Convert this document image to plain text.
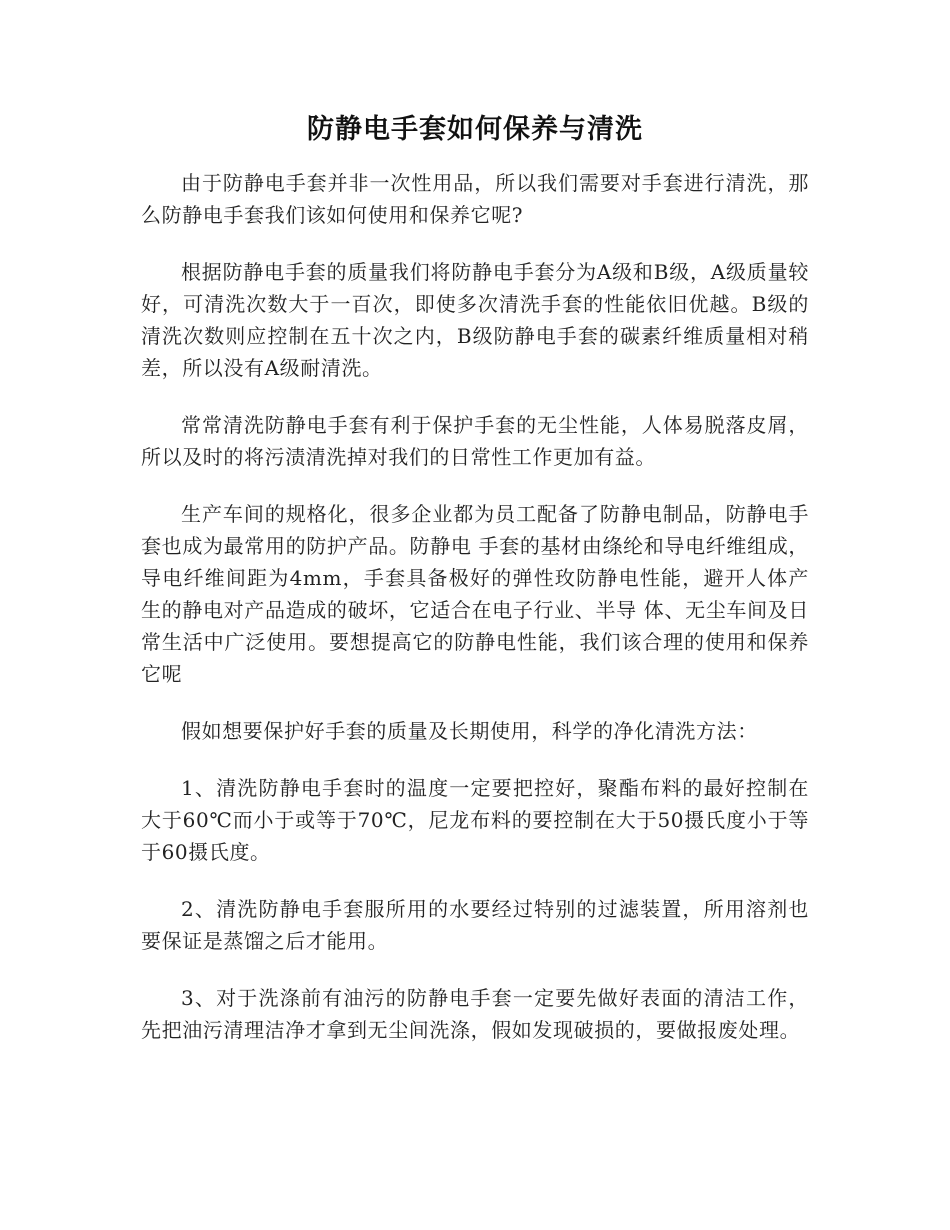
防静电手套如何保养与清洗

由于防静电手套并非一次性用品，所以我们需要对手套进行清洗，那么防静电手套我们该如何使用和保养它呢?

根据防静电手套的质量我们将防静电手套分为A级和B级，A级质量较好，可清洗次数大于一百次，即使多次清洗手套的性能依旧优越。B级的清洗次数则应控制在五十次之内，B级防静电手套的碳素纤维质量相对稍差，所以没有A级耐清洗。

常常清洗防静电手套有利于保护手套的无尘性能，人体易脱落皮屑，所以及时的将污渍清洗掉对我们的日常性工作更加有益。

生产车间的规格化，很多企业都为员工配备了防静电制品，防静电手套也成为最常用的防护产品。防静电 手套的基材由绦纶和导电纤维组成，导电纤维间距为4mm，手套具备极好的弹性玫防静电性能，避开人体产生的静电对产品造成的破坏，它适合在电子行业、半导 体、无尘车间及日常生活中广泛使用。要想提高它的防静电性能，我们该合理的使用和保养它呢

假如想要保护好手套的质量及长期使用，科学的净化清洗方法：

1、清洗防静电手套时的温度一定要把控好，聚酯布料的最好控制在大于60℃而小于或等于70℃，尼龙布料的要控制在大于50摄氏度小于等于60摄氏度。

2、清洗防静电手套服所用的水要经过特别的过滤装置，所用溶剂也要保证是蒸馏之后才能用。

3、对于洗涤前有油污的防静电手套一定要先做好表面的清洁工作，先把油污清理洁净才拿到无尘间洗涤，假如发现破损的，要做报废处理。
